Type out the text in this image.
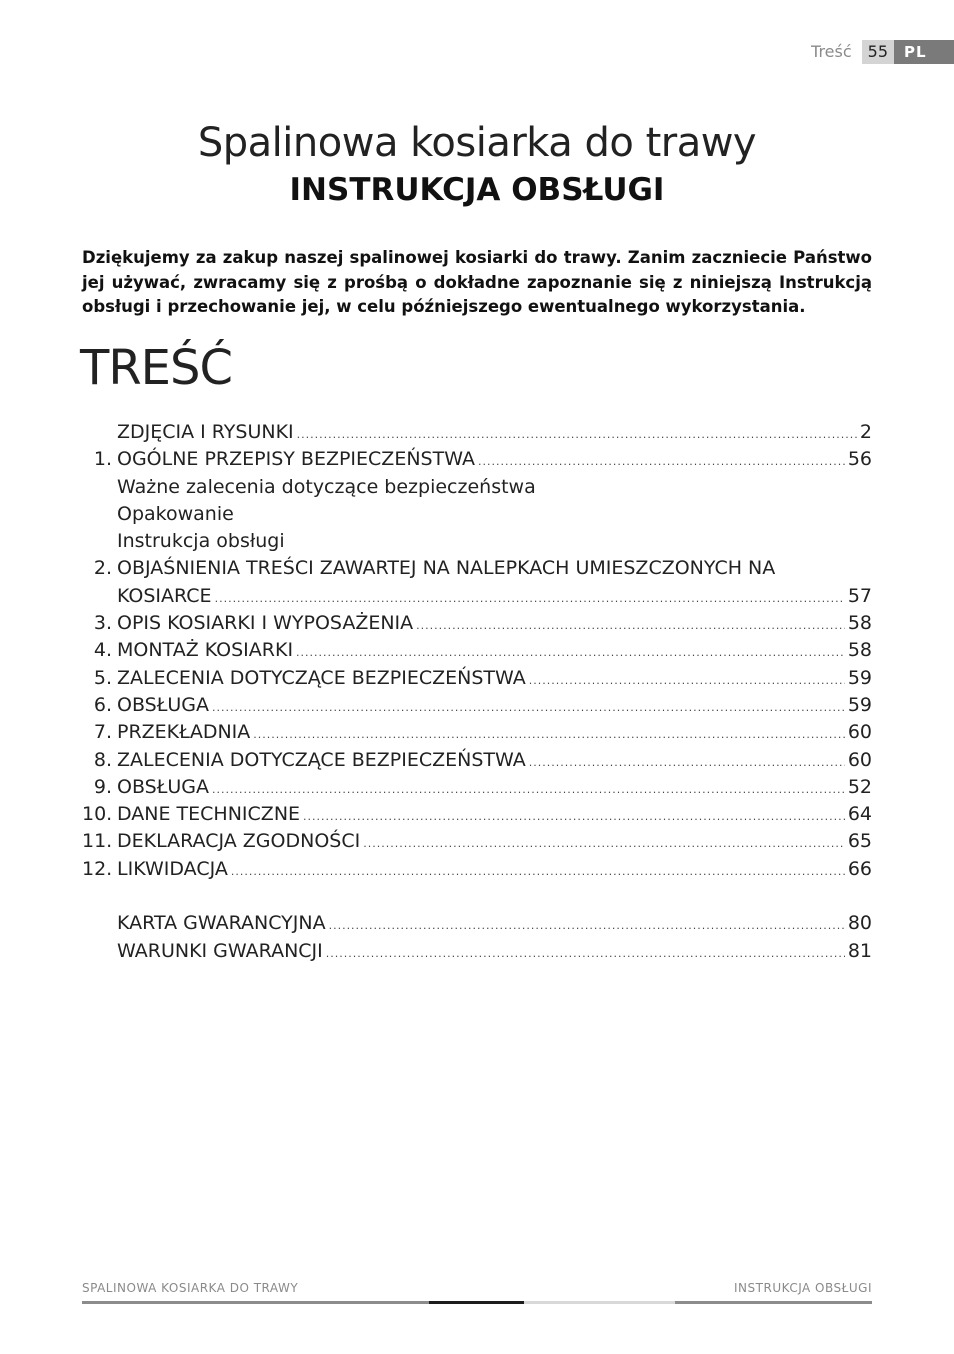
Treść	55	PL
Spalinowa kosiarka do trawy
INSTRUKCJA OBSŁUGI
Dziękujemy za zakup naszej spalinowej kosiarki do trawy. Zanim zaczniecie Państwo jej używać, zwracamy się z prośbą o dokładne zapoznanie się z niniejszą Instrukcją obsługi i przechowanie jej, w celu późniejszego ewentualnego wykorzystania.
TREŚĆ
ZDJĘCIA I RYSUNKI .....	2
1. OGÓLNE PRZEPISY BEZPIECZEŃSTWA .....	56
Ważne zalecenia dotyczące bezpieczeństwa
Opakowanie
Instrukcja obsługi
2. OBJAŚNIENIA TREŚCI ZAWARTEJ NA NALEPKACH UMIESZCZONYCH NA
KOSIARCE .....	57
3. OPIS KOSIARKI I WYPOSAŻENIA .....	58
4. MONTAŻ KOSIARKI .....	58
5. ZALECENIA DOTYCZĄCE BEZPIECZEŃSTWA .....	59
6. OBSŁUGA .....	59
7. PRZEKŁADNIA .....	60
8. ZALECENIA DOTYCZĄCE BEZPIECZEŃSTWA .....	60
9. OBSŁUGA .....	52
10. DANE TECHNICZNE .....	64
11. DEKLARACJA ZGODNOŚCI .....	65
12. LIKWIDACJA .....	66
KARTA GWARANCYJNA .....	80
WARUNKI GWARANCJI .....	81
SPALINOWA KOSIARKA DO TRAWY	INSTRUKCJA OBSŁUGI
